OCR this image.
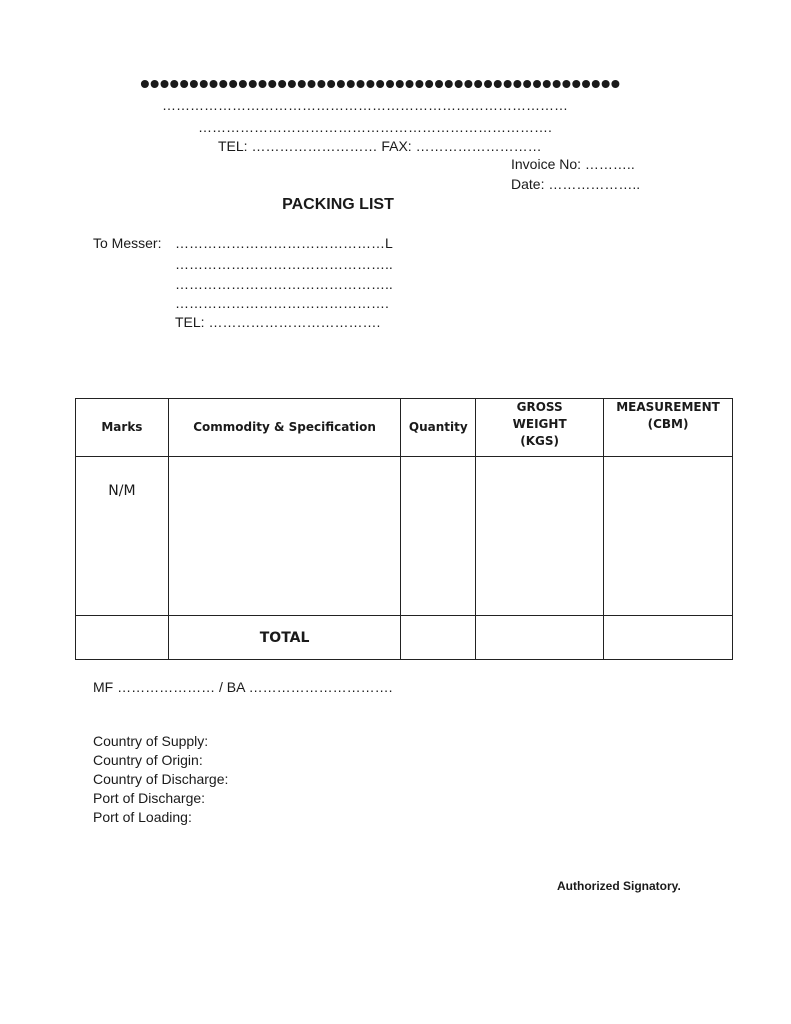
•••••••••••••••••••••••••••••••••••••••••••••••••
……………………………………………………………………………
………………………………………………………………….
TEL: ……………………… FAX: ………………………
Invoice No: ………..
Date: ………………..
PACKING LIST
To Messer: ………………………………………L
………………………………………..
………………………………………..
……………………………………….
TEL: ……………………………….
Marks	Commodity & Specification	Quantity	GROSS
WEIGHT
(KGS)	MEASUREMENT
(CBM)
N/M				
	TOTAL			
MF ………………… / BA ………………………….
Country of Supply:
Country of Origin:
Country of Discharge:
Port of Discharge:
Port of Loading:
Authorized Signatory.
